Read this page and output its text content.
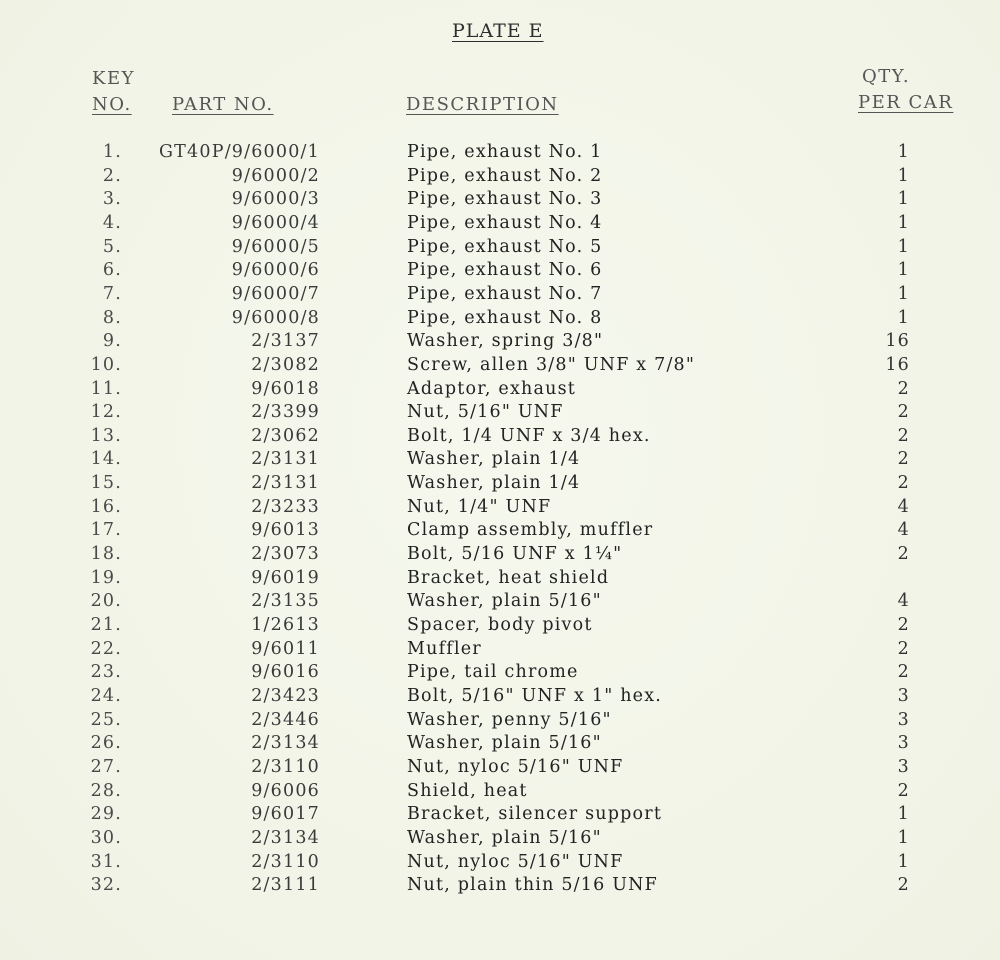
PLATE E
KEY
NO. PART NO.	DESCRIPTION
QTY.
PER CAR
1.	GT40P/9/6000/1	Pipe, exhaust No. 1	1
2.	9/6000/2	Pipe, exhaust No. 2	1
3.	9/6000/3	Pipe, exhaust No. 3	1
4.	9/6000/4	Pipe, exhaust No. 4	1
5.	9/6000/5	Pipe, exhaust No. 5	1
6.	9/6000/6	Pipe, exhaust No. 6	1
7.	9/6000/7	Pipe, exhaust No. 7	1
8.	9/6000/8	Pipe, exhaust No. 8	1
9.	2/3137	Washer, spring 3/8"	16
10.	2/3082	Screw, allen 3/8" UNF x 7/8"	16
11.	9/6018	Adaptor, exhaust	2
12.	2/3399	Nut, 5/16" UNF	2
13.	2/3062	Bolt, 1/4 UNF x 3/4 hex.	2
14.	2/3131	Washer, plain 1/4	2
15.	2/3131	Washer, plain 1/4	2
16.	2/3233	Nut, 1/4" UNF	4
17.	9/6013	Clamp assembly, muffler	4
18.	2/3073	Bolt, 5/16 UNF x 1¼"	2
19.	9/6019	Bracket, heat shield
20.	2/3135	Washer, plain 5/16"	4
21.	1/2613	Spacer, body pivot	2
22.	9/6011	Muffler	2
23.	9/6016	Pipe, tail chrome	2
24.	2/3423	Bolt, 5/16" UNF x 1" hex.	3
25.	2/3446	Washer, penny 5/16"	3
26.	2/3134	Washer, plain 5/16"	3
27.	2/3110	Nut, nyloc 5/16" UNF	3
28.	9/6006	Shield, heat	2
29.	9/6017	Bracket, silencer support	1
30.	2/3134	Washer, plain 5/16"	1
31.	2/3110	Nut, nyloc 5/16" UNF	1
32.	2/3111	Nut, plain thin 5/16 UNF	2
